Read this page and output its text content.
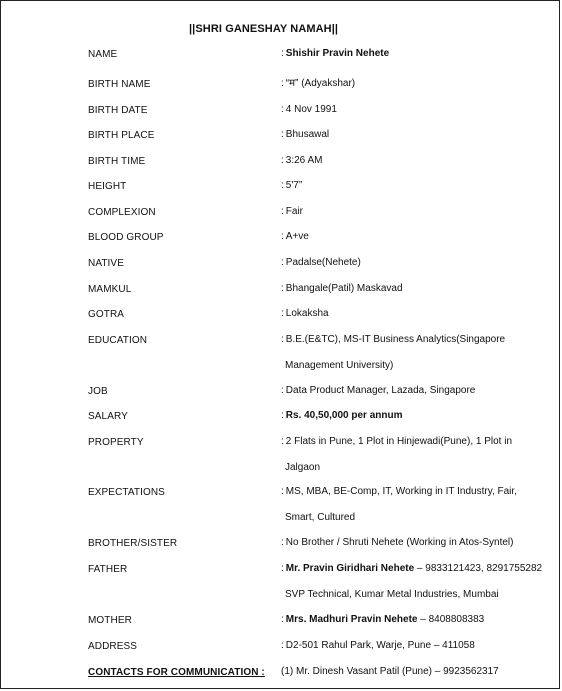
||SHRI GANESHAY NAMAH||
NAME	: Shishir Pravin Nehete
BIRTH NAME	: “म” (Adyakshar)
BIRTH DATE	: 4 Nov 1991
BIRTH PLACE	: Bhusawal
BIRTH TIME	: 3:26 AM
HEIGHT	: 5'7”
COMPLEXION	: Fair
BLOOD GROUP	: A+ve
NATIVE	: Padalse(Nehete)
MAMKUL	: Bhangale(Patil) Maskavad
GOTRA	: Lokaksha
EDUCATION	: B.E.(E&TC), MS-IT Business Analytics(Singapore
Management University)
JOB	: Data Product Manager, Lazada, Singapore
SALARY	: Rs. 40,50,000 per annum
PROPERTY	: 2 Flats in Pune, 1 Plot in Hinjewadi(Pune), 1 Plot in
Jalgaon
EXPECTATIONS	: MS, MBA, BE-Comp, IT, Working in IT Industry, Fair,
Smart, Cultured
BROTHER/SISTER	: No Brother / Shruti Nehete (Working in Atos-Syntel)
FATHER	: Mr. Pravin Giridhari Nehete – 9833121423, 8291755282
SVP Technical, Kumar Metal Industries, Mumbai
MOTHER	: Mrs. Madhuri Pravin Nehete – 8408808383
ADDRESS	: D2-501 Rahul Park, Warje, Pune – 411058
CONTACTS FOR COMMUNICATION : (1) Mr. Dinesh Vasant Patil (Pune) – 9923562317
